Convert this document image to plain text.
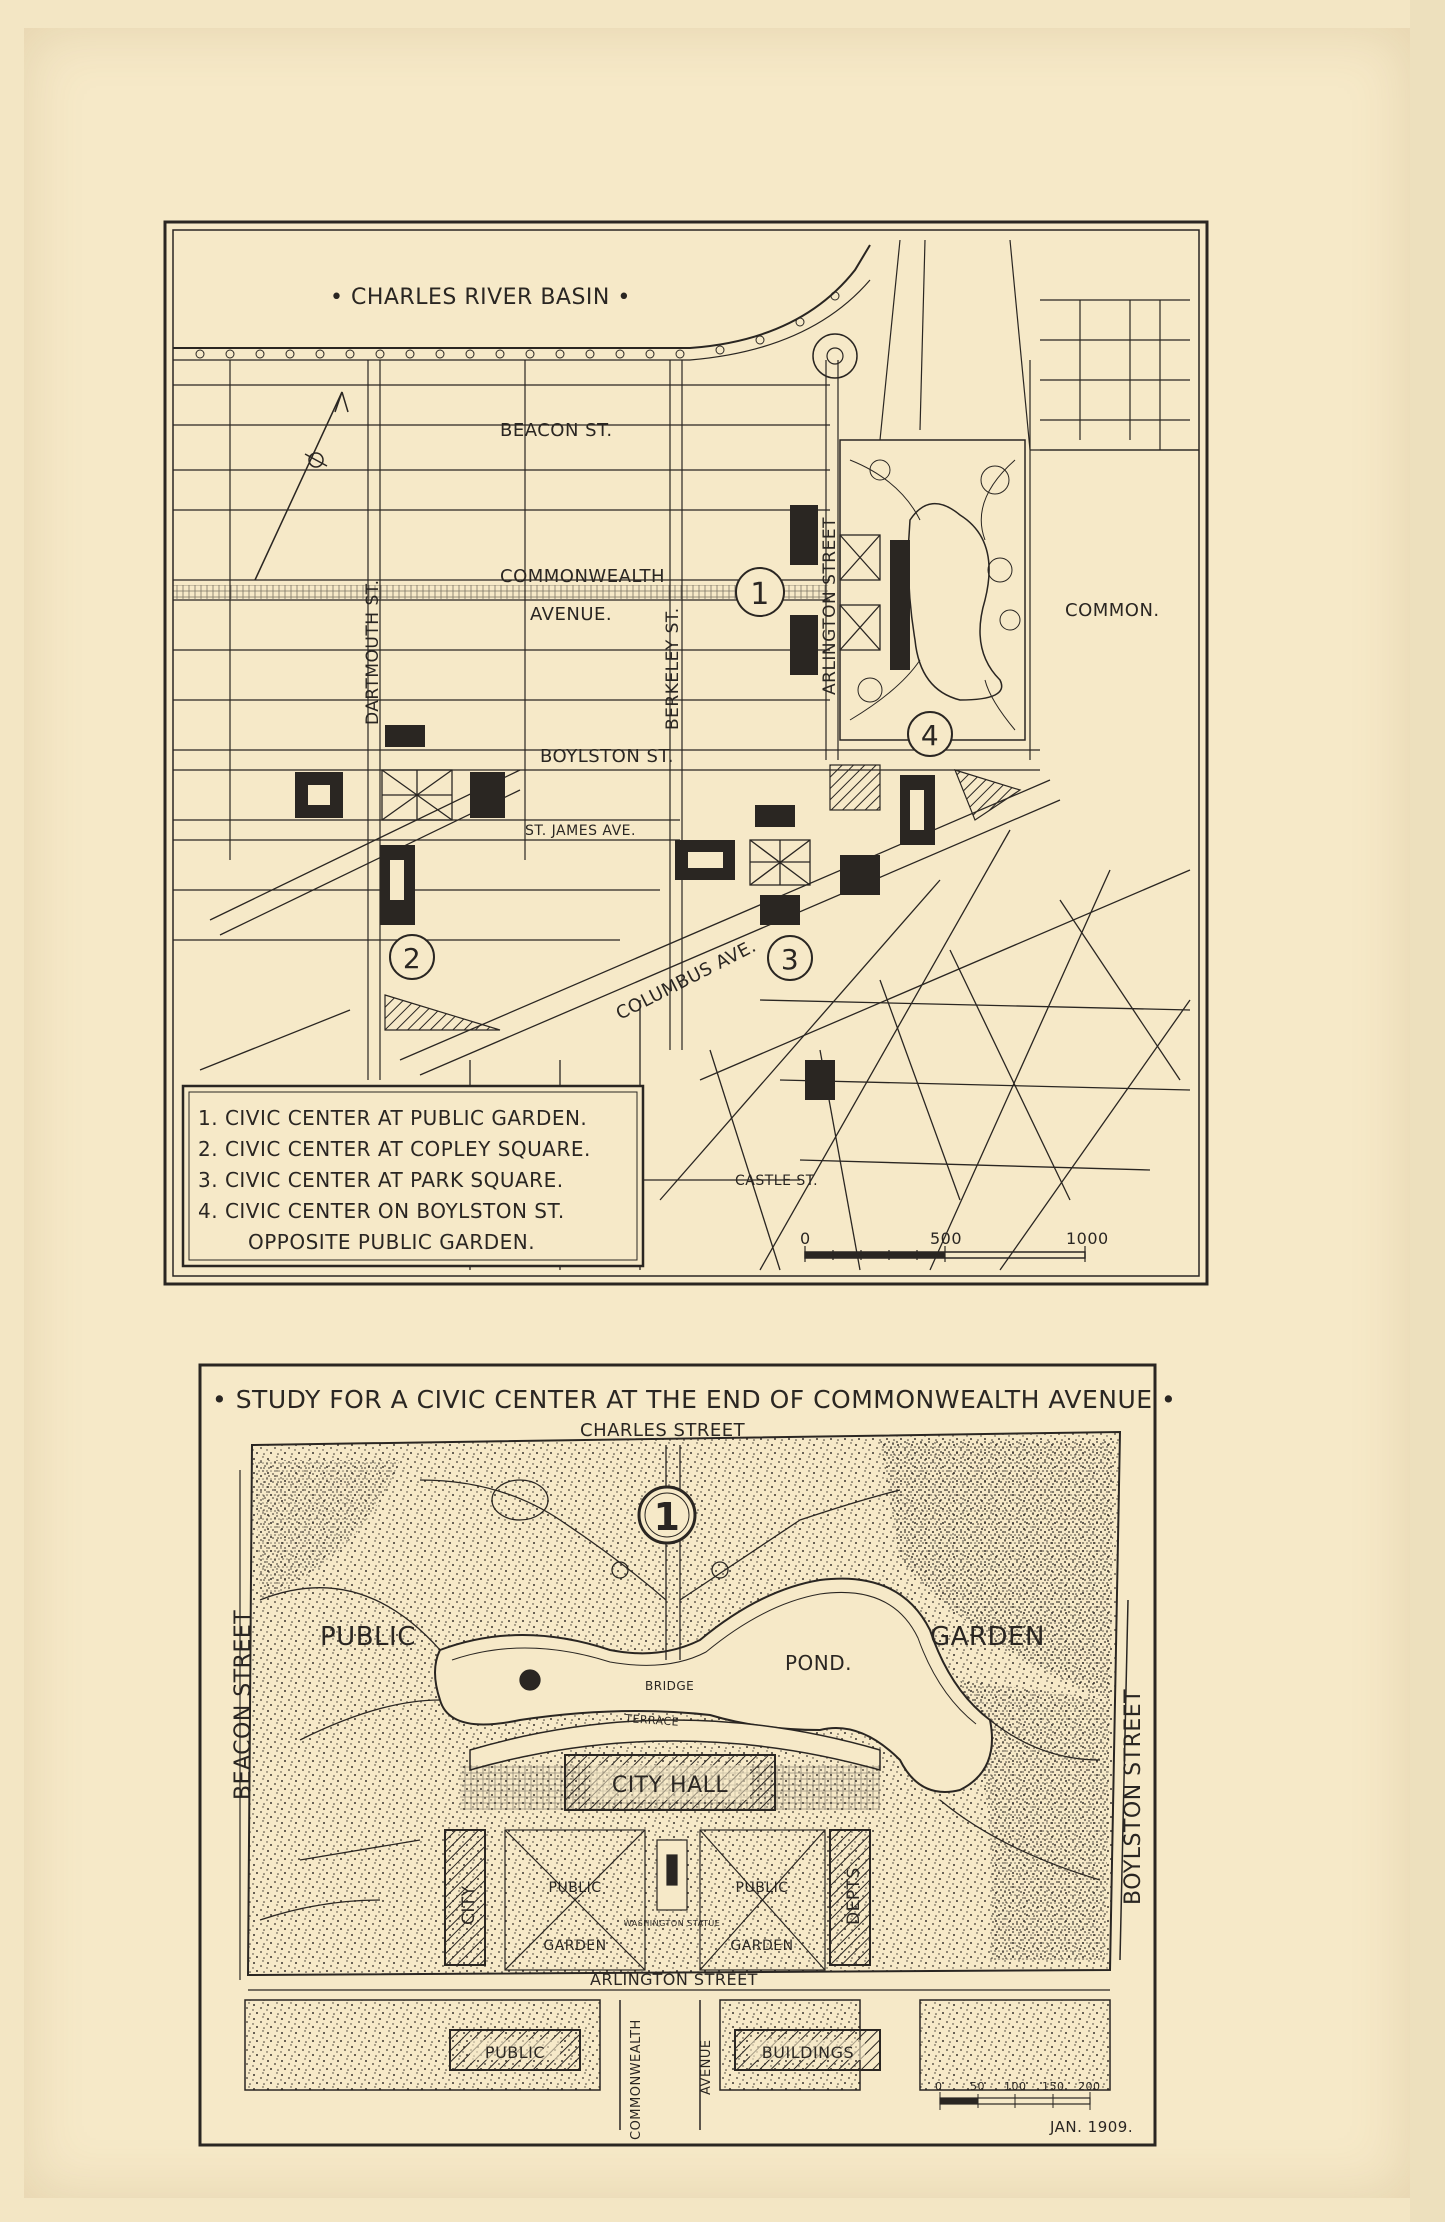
• CHARLES RIVER BASIN •
BEACON ST.
COMMONWEALTH
AVENUE.
DARTMOUTH ST.	BERKELEY ST.	ARLINGTON STREET	COMMON.
BOYLSTON ST.
ST. JAMES AVE.
COLUMBUS AVE.
CASTLE ST.
1
2	3
4
1. CIVIC CENTER AT PUBLIC GARDEN.
2. CIVIC CENTER AT COPLEY SQUARE.
3. CIVIC CENTER AT PARK SQUARE.
4. CIVIC CENTER ON BOYLSTON ST.
OPPOSITE PUBLIC GARDEN.	0	500	1000
• STUDY FOR A CIVIC CENTER AT THE END OF COMMONWEALTH AVENUE •
CHARLES STREET
CITY HALL
BRIDGE
TERRACE
CITY	DEPTS
PUBLIC
GARDEN
PUBLIC
GARDEN
WASHINGTON STATUE
PUBLIC	GARDEN
POND.
BEACON STREET	BOYLSTON STREET
1
ARLINGTON STREET
PUBLIC	BUILDINGS
COMMONWEALTH	AVENUE	0	50 100 150 200
JAN. 1909.
